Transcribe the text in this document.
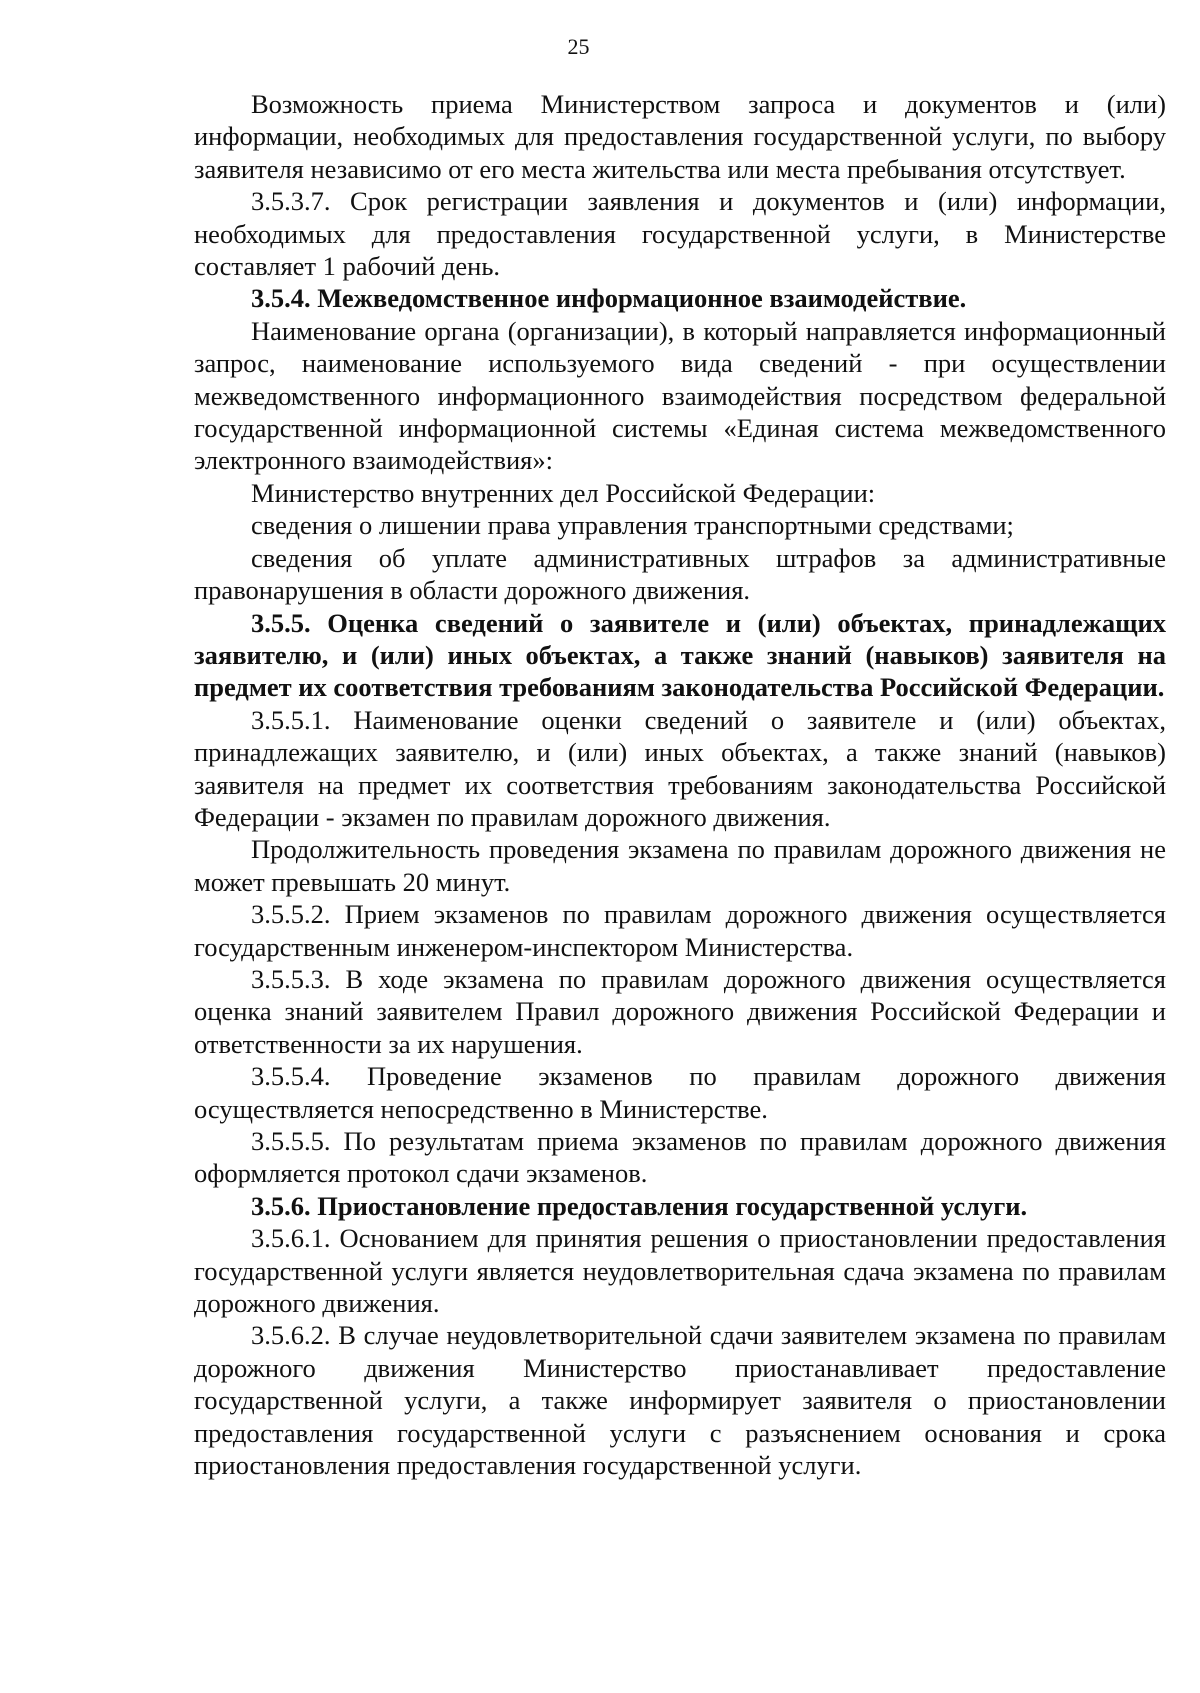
25

Возможность приема Министерством запроса и документов и (или) информации, необходимых для предоставления государственной услуги, по выбору заявителя независимо от его места жительства или места пребывания отсутствует.

3.5.3.7. Срок регистрации заявления и документов и (или) информации, необходимых для предоставления государственной услуги, в Министерстве составляет 1 рабочий день.

3.5.4. Межведомственное информационное взаимодействие.

Наименование органа (организации), в который направляется информационный запрос, наименование используемого вида сведений - при осуществлении межведомственного информационного взаимодействия посредством федеральной государственной информационной системы «Единая система межведомственного электронного взаимодействия»:

Министерство внутренних дел Российской Федерации:

сведения о лишении права управления транспортными средствами;

сведения об уплате административных штрафов за административные правонарушения в области дорожного движения.

3.5.5. Оценка сведений о заявителе и (или) объектах, принадлежащих заявителю, и (или) иных объектах, а также знаний (навыков) заявителя на предмет их соответствия требованиям законодательства Российской Федерации.

3.5.5.1. Наименование оценки сведений о заявителе и (или) объектах, принадлежащих заявителю, и (или) иных объектах, а также знаний (навыков) заявителя на предмет их соответствия требованиям законодательства Российской Федерации - экзамен по правилам дорожного движения.

Продолжительность проведения экзамена по правилам дорожного движения не может превышать 20 минут.

3.5.5.2. Прием экзаменов по правилам дорожного движения осуществляется государственным инженером-инспектором Министерства.

3.5.5.3. В ходе экзамена по правилам дорожного движения осуществляется оценка знаний заявителем Правил дорожного движения Российской Федерации и ответственности за их нарушения.

3.5.5.4. Проведение экзаменов по правилам дорожного движения осуществляется непосредственно в Министерстве.

3.5.5.5. По результатам приема экзаменов по правилам дорожного движения оформляется протокол сдачи экзаменов.

3.5.6. Приостановление предоставления государственной услуги.

3.5.6.1. Основанием для принятия решения о приостановлении предоставления государственной услуги является неудовлетворительная сдача экзамена по правилам дорожного движения.

3.5.6.2. В случае неудовлетворительной сдачи заявителем экзамена по правилам дорожного движения Министерство приостанавливает предоставление государственной услуги, а также информирует заявителя о приостановлении предоставления государственной услуги с разъяснением основания и срока приостановления предоставления государственной услуги.
